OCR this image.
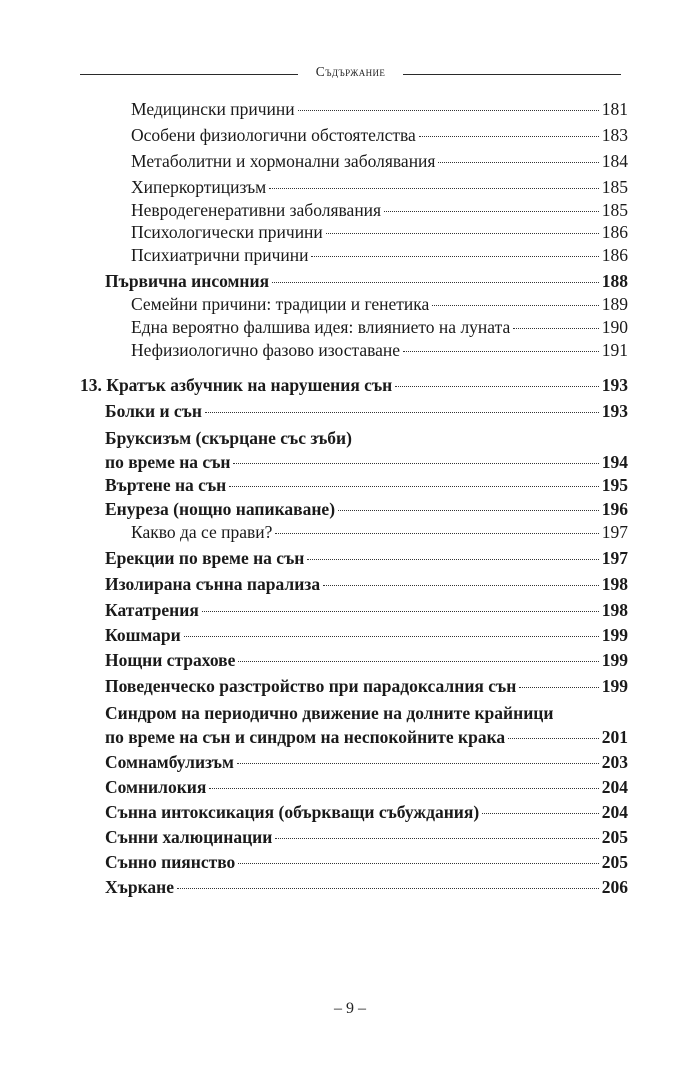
Съдържание
Медицински причини	181
Особени физиологични обстоятелства	183
Метаболитни и хормонални заболявания	184
Хиперкортицизъм	185
Невродегенеративни заболявания	185
Психологически причини	186
Психиатрични причини	186
Първична инсомния	188
Семейни причини: традиции и генетика	189
Една вероятно фалшива идея: влиянието на луната	190
Нефизиологично фазово изоставане	191
13. Кратък азбучник на нарушения сън	193
Болки и сън	193
Бруксизъм (скърцане със зъби)
по време на сън	194
Въртене на сън	195
Енуреза (нощно напикаване)	196
Какво да се прави?	197
Ерекции по време на сън	197
Изолирана сънна парализа	198
Кататрения	198
Кошмари	199
Нощни страхове	199
Поведенческо разстройство при парадоксалния сън	199
Синдром на периодично движение на долните крайници
по време на сън и синдром на неспокойните крака	201
Сомнамбулизъм	203
Сомнилокия	204
Сънна интоксикация (объркващи събуждания)	204
Сънни халюцинации	205
Сънно пиянство	205
Хъркане	206
– 9 –
